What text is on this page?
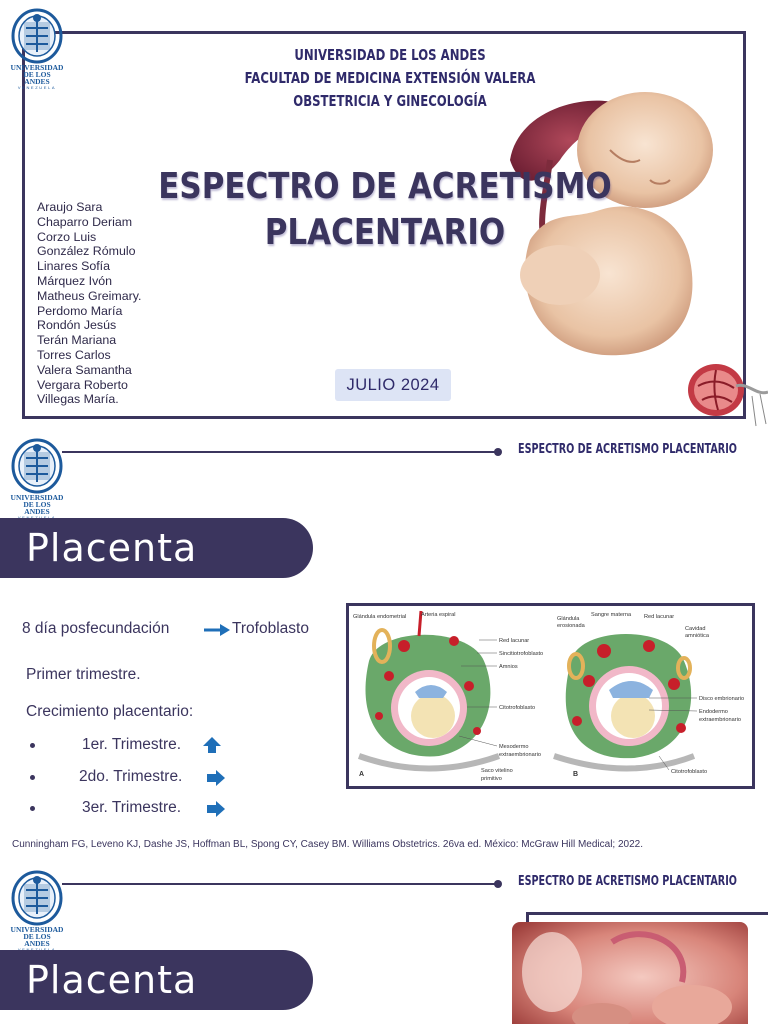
UNIVERSIDAD
DE LOS ANDES
VENEZUELA
UNIVERSIDAD DE LOS ANDES
FACULTAD DE MEDICINA EXTENSIÓN VALERA
OBSTETRICIA Y GINECOLOGÍA
ESPECTRO DE ACRETISMO
PLACENTARIO
Araujo Sara
Chaparro Deriam
Corzo Luis
González Rómulo
Linares Sofía
Márquez Ivón
Matheus Greimary.
Perdomo María
Rondón Jesús
Terán Mariana
Torres Carlos
Valera Samantha
Vergara Roberto
Villegas María.
JULIO 2024
UNIVERSIDAD
DE LOS ANDES
ESPECTRO DE ACRETISMO PLACENTARIO
Placenta
8 día posfecundación	Trofoblasto
Primer trimestre.
Crecimiento placentario:
1er. Trimestre.
2do. Trimestre.
3er. Trimestre.
Glándula endometrial	Arteria espiral
Red lacunar
Sincitiotrofoblasto
Amnios
Citotrofoblasto
Mesodermo
extraembrionario
Saco vitelino
primitivo
A
Glándula
erosionada
Sangre materna Red lacunar
Cavidad
amniótica
Disco embrionario
Endodermo
extraembrionario
Citotrofoblasto
B
Cunningham FG, Leveno KJ, Dashe JS, Hoffman BL, Spong CY, Casey BM. Williams Obstetrics. 26va ed. México: McGraw Hill Medical; 2022.
UNIVERSIDAD
DE LOS ANDES
ESPECTRO DE ACRETISMO PLACENTARIO
Placenta
